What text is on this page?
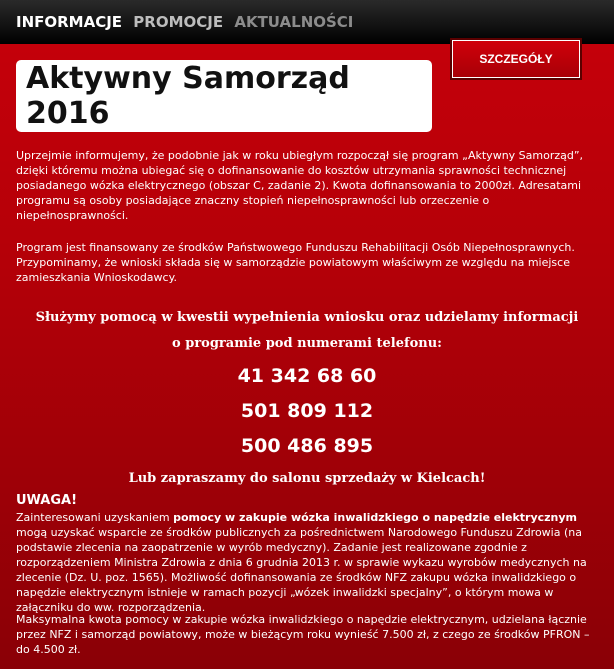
INFORMACJE PROMOCJE AKTUALNOŚCI
SZCZEGÓŁY
Aktywny Samorząd 2016

Uprzejmie informujemy, że podobnie jak w roku ubiegłym rozpoczął się program „Aktywny Samorząd”, dzięki któremu można ubiegać się o dofinansowanie do kosztów utrzymania sprawności technicznej posiadanego wózka elektrycznego (obszar C, zadanie 2). Kwota dofinansowania to 2000zł. Adresatami programu są osoby posiadające znaczny stopień niepełnosprawności lub orzeczenie o niepełnosprawności.

Program jest finansowany ze środków Państwowego Funduszu Rehabilitacji Osób Niepełnosprawnych. Przypominamy, że wnioski składa się w samorządzie powiatowym właściwym ze względu na miejsce zamieszkania Wnioskodawcy.

Służymy pomocą w kwestii wypełnienia wniosku oraz udzielamy informacji
o programie pod numerami telefonu:
41 342 68 60
501 809 112
500 486 895
Lub zapraszamy do salonu sprzedaży w Kielcach!
UWAGA!

Zainteresowani uzyskaniem pomocy w zakupie wózka inwalidzkiego o napędzie elektrycznym mogą uzyskać wsparcie ze środków publicznych za pośrednictwem Narodowego Funduszu Zdrowia (na podstawie zlecenia na zaopatrzenie w wyrób medyczny). Zadanie jest realizowane zgodnie z rozporządzeniem Ministra Zdrowia z dnia 6 grudnia 2013 r. w sprawie wykazu wyrobów medycznych na zlecenie (Dz. U. poz. 1565). Możliwość dofinansowania ze środków NFZ zakupu wózka inwalidzkiego o napędzie elektrycznym istnieje w ramach pozycji „wózek inwalidzki specjalny”, o którym mowa w załączniku do ww. rozporządzenia.

Maksymalna kwota pomocy w zakupie wózka inwalidzkiego o napędzie elektrycznym, udzielana łącznie przez NFZ i samorząd powiatowy, może w bieżącym roku wynieść 7.500 zł, z czego ze środków PFRON – do 4.500 zł.
